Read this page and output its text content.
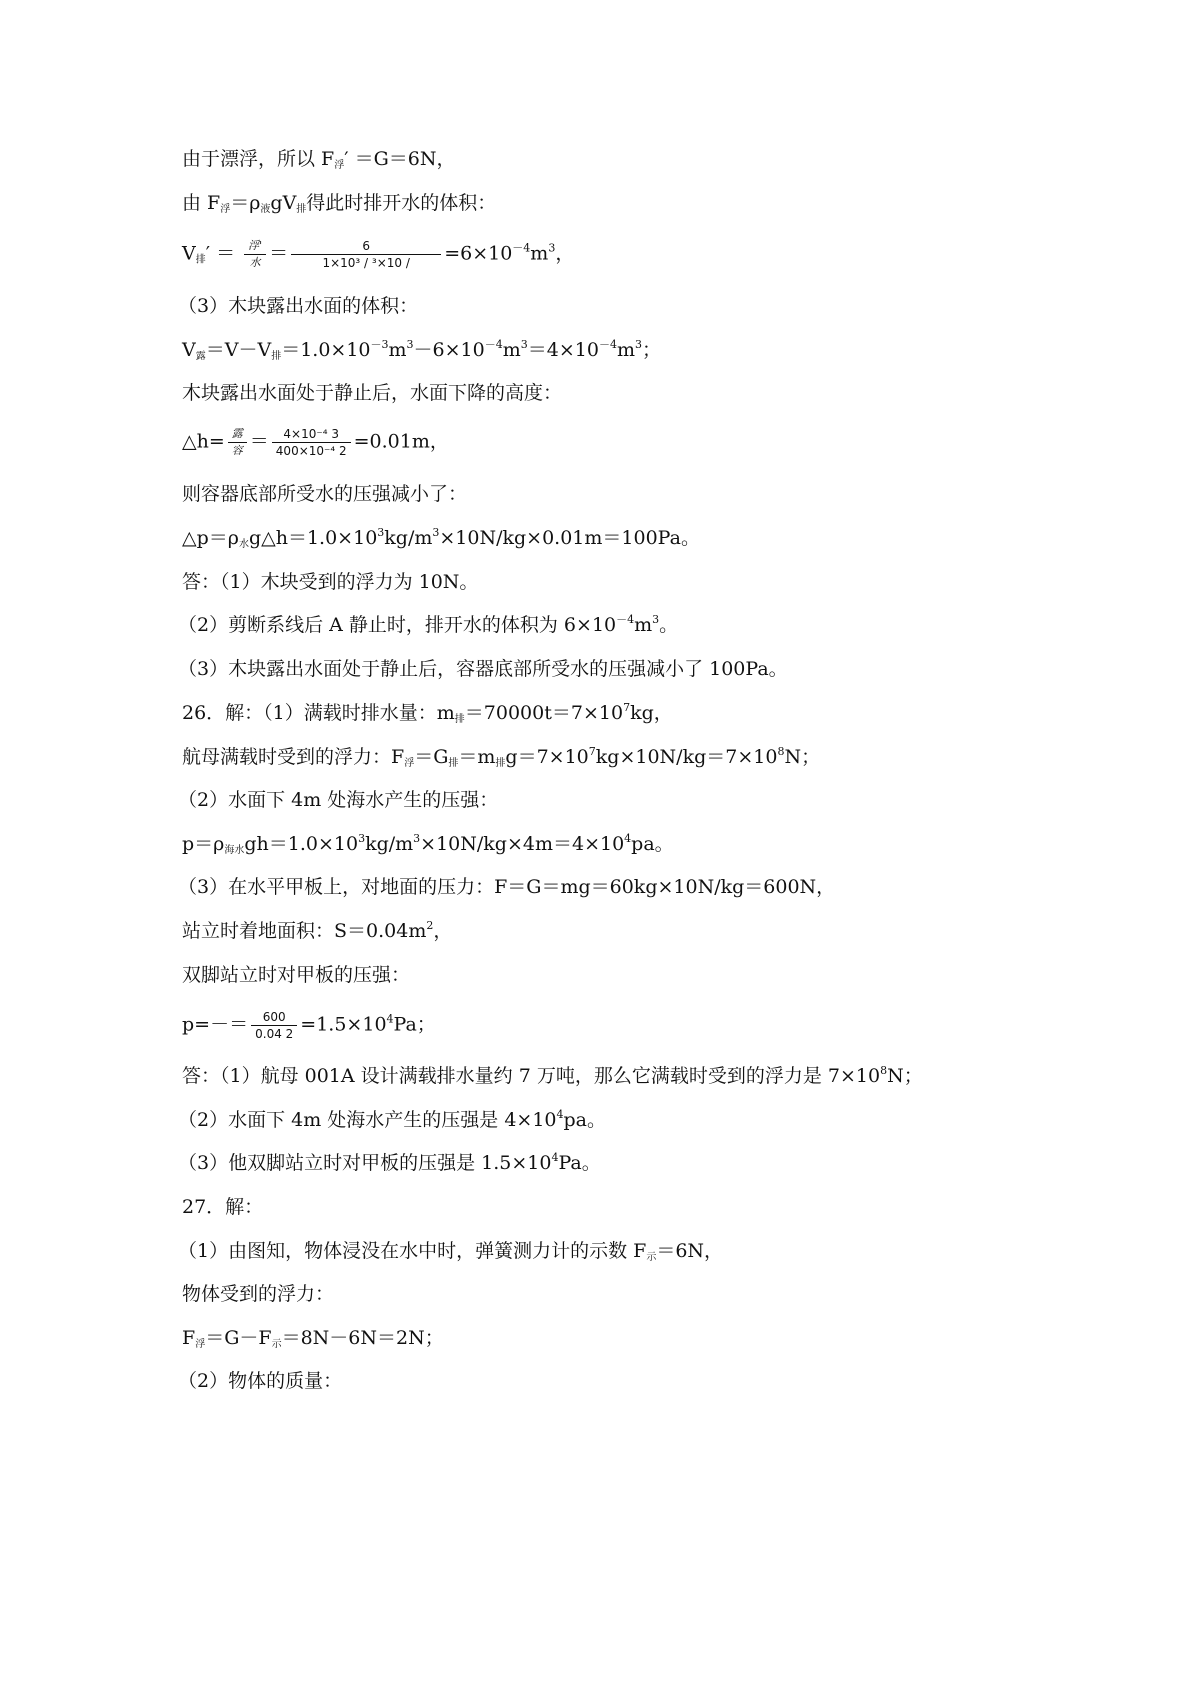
由于漂浮，所以 $F_浮' =G=6N$，
由 $F_浮=\rho_液gV_排$得此时排开水的体积：
$V_排' = \frac{\text{浮'}}{\text{水}} = \frac{6}{\text{1×10³ / ³×10 /}} =6\times 10^{-4}m^3$，
（3）木块露出水面的体积：
$V_露=V-V_排=1.0\times 10^{-3}m^3-6\times 10^{-4}m^3=4\times 10^{-4}m^3$；
木块露出水面处于静止后，水面下降的高度：
△h= $\frac{\text{露}}{\text{容}} = \frac{\text{4×10⁻⁴ 3}}{\text{400×10⁻⁴ 2}} =0.01m$，
则容器底部所受水的压强减小了：
$\triangle p=\rho_水g\triangle h=1.0\times 10^3kg/m^3\times 10N/kg\times 0.01m=100Pa$。
答：（1）木块受到的浮力为 10N。
（2）剪断系线后 A 静止时，排开水的体积为 $6\times 10^{-4}m^3$。
（3）木块露出水面处于静止后，容器底部所受水的压强减小了 100Pa。
26．解：（1）满载时排水量：$m_排=70000t=7\times 10^7kg$，
航母满载时受到的浮力：$F_浮=G_排=m_排g=7\times 10^7kg\times 10N/kg=7\times 10^8N$；
（2）水面下 4m 处海水产生的压强：
$p=\rho_{海水}gh=1.0\times 10^3kg/m^3\times 10N/kg\times 4m=4\times 10^4pa$。
（3）在水平甲板上，对地面的压力：F＝G＝mg＝60kg×10N/kg＝600N，
站立时着地面积：$S=0.04m^2$，
双脚站立时对甲板的压强：
$p=-= \frac{600}{0.04 2} =1.5\times 10^4Pa$；
答：（1）航母 001A 设计满载排水量约 7 万吨，那么它满载时受到的浮力是 $7\times 10^8N$；
（2）水面下 4m 处海水产生的压强是 $4\times 10^4pa$。
（3）他双脚站立时对甲板的压强是 $1.5\times 10^4Pa$。
27．解：
（1）由图知，物体浸没在水中时，弹簧测力计的示数 $F_示=6N$，
物体受到的浮力：
$F_浮=G-F_示=8N-6N=2N$；
（2）物体的质量：
